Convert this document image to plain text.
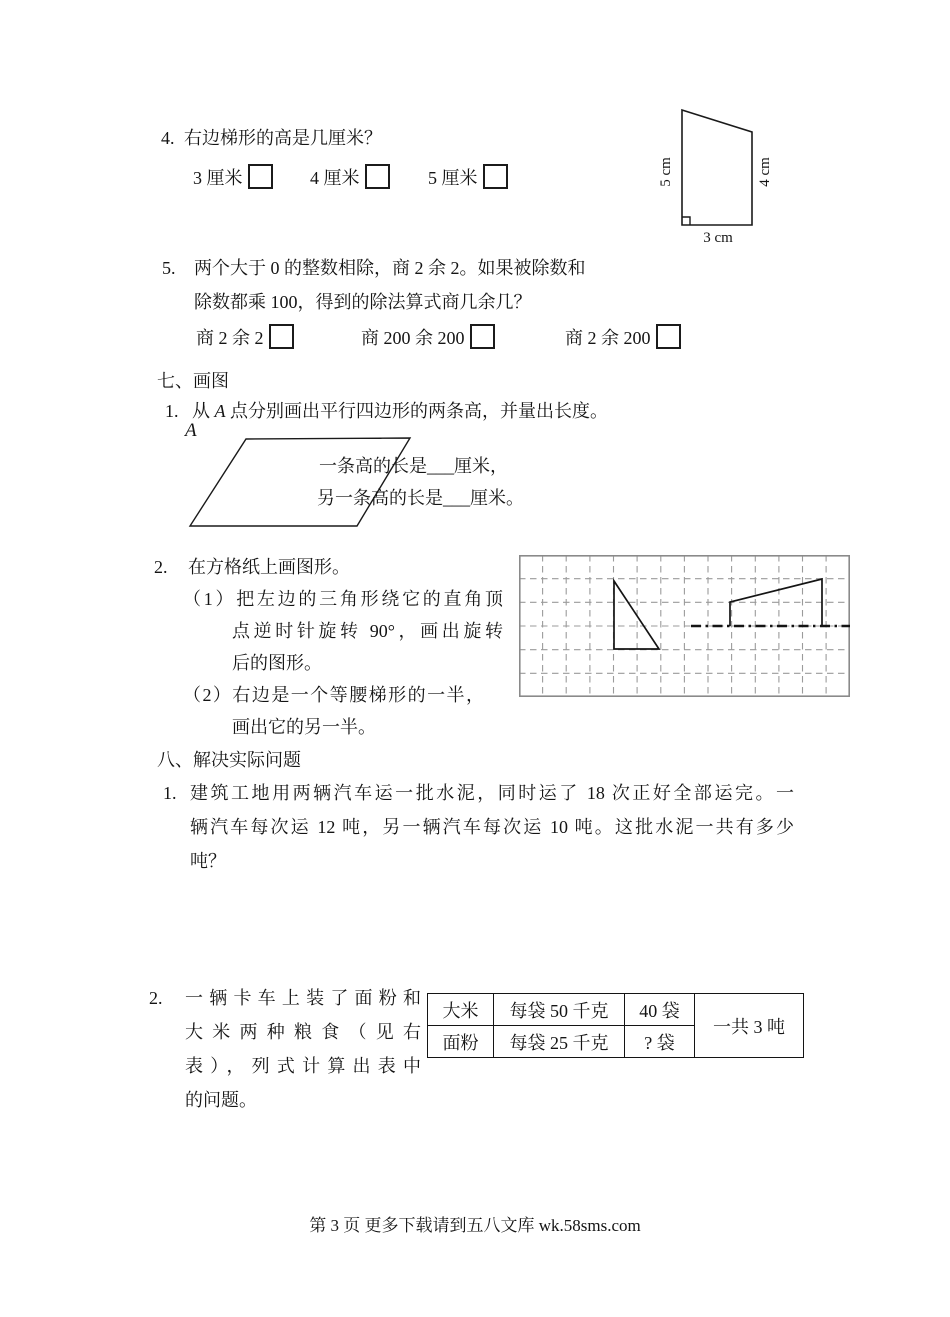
4. 右边梯形的高是几厘米？
3 厘米	4 厘米	5 厘米	5 cm	4 cm
3 cm
5. 两个大于 0 的整数相除，商 2 余 2。如果被除数和
除数都乘 100，得到的除法算式商几余几？
商 2 余 2	商 200 余 200	商 2 余 200
七、画图
1. 从 A 点分别画出平行四边形的两条高，并量出长度。
A
一条高的长是___厘米，
另一条高的长是___厘米。
2. 在方格纸上画图形。
（1）把左边的三角形绕它的直角顶
点逆时针旋转 90°，画出旋转
后的图形。
（2）右边是一个等腰梯形的一半，
画出它的另一半。
八、解决实际问题
1. 建筑工地用两辆汽车运一批水泥，同时运了 18 次正好全部运完。一
辆汽车每次运 12 吨，另一辆汽车每次运 10 吨。这批水泥一共有多少
吨？
2. 一辆卡车上装了面粉和
大米两种粮食（见右
表），列式计算出表中
的问题。
大米	每袋 50 千克	40 袋	一共 3 吨
面粉	每袋 25 千克	? 袋	
第 3 页 更多下载请到五八文库 wk.58sms.com
